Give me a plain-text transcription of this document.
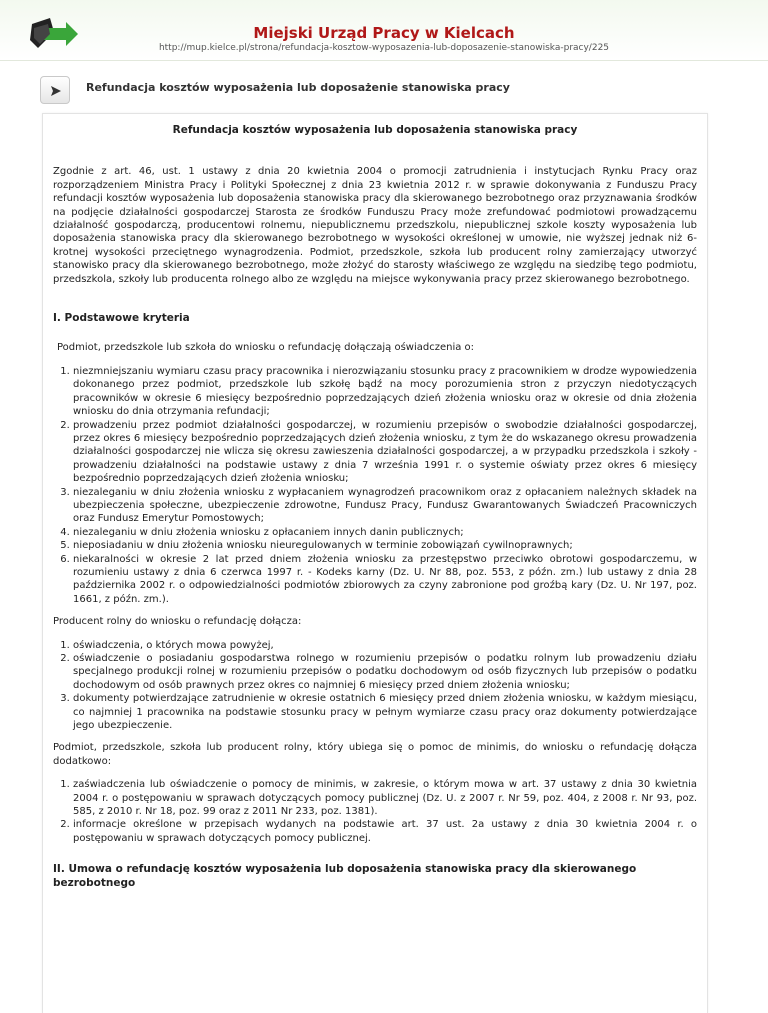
Miejski Urząd Pracy w Kielcach
http://mup.kielce.pl/strona/refundacja-kosztow-wyposazenia-lub-doposazenie-stanowiska-pracy/225
Refundacja kosztów wyposażenia lub doposażenie stanowiska pracy

Refundacja kosztów wyposażenia lub doposażenia stanowiska pracy

Zgodnie z art. 46, ust. 1 ustawy z dnia 20 kwietnia 2004 o promocji zatrudnienia i instytucjach Rynku Pracy oraz rozporządzeniem Ministra Pracy i Polityki Społecznej z dnia 23 kwietnia 2012 r. w sprawie dokonywania z Funduszu Pracy refundacji kosztów wyposażenia lub doposażenia stanowiska pracy dla skierowanego bezrobotnego oraz przyznawania środków na podjęcie działalności gospodarczej Starosta ze środków Funduszu Pracy może zrefundować podmiotowi prowadzącemu działalność gospodarczą, producentowi rolnemu, niepublicznemu przedszkolu, niepublicznej szkole koszty wyposażenia lub doposażenia stanowiska pracy dla skierowanego bezrobotnego w wysokości określonej w umowie, nie wyższej jednak niż 6-krotnej wysokości przeciętnego wynagrodzenia. Podmiot, przedszkole, szkoła lub producent rolny zamierzający utworzyć stanowisko pracy dla skierowanego bezrobotnego, może złożyć do starosty właściwego ze względu na siedzibę tego podmiotu, przedszkola, szkoły lub producenta rolnego albo ze względu na miejsce wykonywania pracy przez skierowanego bezrobotnego.

I. Podstawowe kryteria

Podmiot, przedszkole lub szkoła do wniosku o refundację dołączają oświadczenia o:

1. niezmniejszaniu wymiaru czasu pracy pracownika i nierozwiązaniu stosunku pracy z pracownikiem w drodze wypowiedzenia dokonanego przez podmiot, przedszkole lub szkołę bądź na mocy porozumienia stron z przyczyn niedotyczących pracowników w okresie 6 miesięcy bezpośrednio poprzedzających dzień złożenia wniosku oraz w okresie od dnia złożenia wniosku do dnia otrzymania refundacji;
2. prowadzeniu przez podmiot działalności gospodarczej, w rozumieniu przepisów o swobodzie działalności gospodarczej, przez okres 6 miesięcy bezpośrednio poprzedzających dzień złożenia wniosku, z tym że do wskazanego okresu prowadzenia działalności gospodarczej nie wlicza się okresu zawieszenia działalności gospodarczej, a w przypadku przedszkola i szkoły - prowadzeniu działalności na podstawie ustawy z dnia 7 września 1991 r. o systemie oświaty przez okres 6 miesięcy bezpośrednio poprzedzających dzień złożenia wniosku;
3. niezaleganiu w dniu złożenia wniosku z wypłacaniem wynagrodzeń pracownikom oraz z opłacaniem należnych składek na ubezpieczenia społeczne, ubezpieczenie zdrowotne, Fundusz Pracy, Fundusz Gwarantowanych Świadczeń Pracowniczych oraz Fundusz Emerytur Pomostowych;
4. niezaleganiu w dniu złożenia wniosku z opłacaniem innych danin publicznych;
5. nieposiadaniu w dniu złożenia wniosku nieuregulowanych w terminie zobowiązań cywilnoprawnych;
6. niekaralności w okresie 2 lat przed dniem złożenia wniosku za przestępstwo przeciwko obrotowi gospodarczemu, w rozumieniu ustawy z dnia 6 czerwca 1997 r. - Kodeks karny (Dz. U. Nr 88, poz. 553, z późn. zm.) lub ustawy z dnia 28 października 2002 r. o odpowiedzialności podmiotów zbiorowych za czyny zabronione pod groźbą kary (Dz. U. Nr 197, poz. 1661, z późn. zm.).

Producent rolny do wniosku o refundację dołącza:

1. oświadczenia, o których mowa powyżej,
2. oświadczenie o posiadaniu gospodarstwa rolnego w rozumieniu przepisów o podatku rolnym lub prowadzeniu działu specjalnego produkcji rolnej w rozumieniu przepisów o podatku dochodowym od osób fizycznych lub przepisów o podatku dochodowym od osób prawnych przez okres co najmniej 6 miesięcy przed dniem złożenia wniosku;
3. dokumenty potwierdzające zatrudnienie w okresie ostatnich 6 miesięcy przed dniem złożenia wniosku, w każdym miesiącu, co najmniej 1 pracownika na podstawie stosunku pracy w pełnym wymiarze czasu pracy oraz dokumenty potwierdzające jego ubezpieczenie.

Podmiot, przedszkole, szkoła lub producent rolny, który ubiega się o pomoc de minimis, do wniosku o refundację dołącza dodatkowo:

1. zaświadczenia lub oświadczenie o pomocy de minimis, w zakresie, o którym mowa w art. 37 ustawy z dnia 30 kwietnia 2004 r. o postępowaniu w sprawach dotyczących pomocy publicznej (Dz. U. z 2007 r. Nr 59, poz. 404, z 2008 r. Nr 93, poz. 585, z 2010 r. Nr 18, poz. 99 oraz z 2011 Nr 233, poz. 1381).
2. informacje określone w przepisach wydanych na podstawie art. 37 ust. 2a ustawy z dnia 30 kwietnia 2004 r. o postępowaniu w sprawach dotyczących pomocy publicznej.
II. Umowa o refundację kosztów wyposażenia lub doposażenia stanowiska pracy dla skierowanego bezrobotnego
